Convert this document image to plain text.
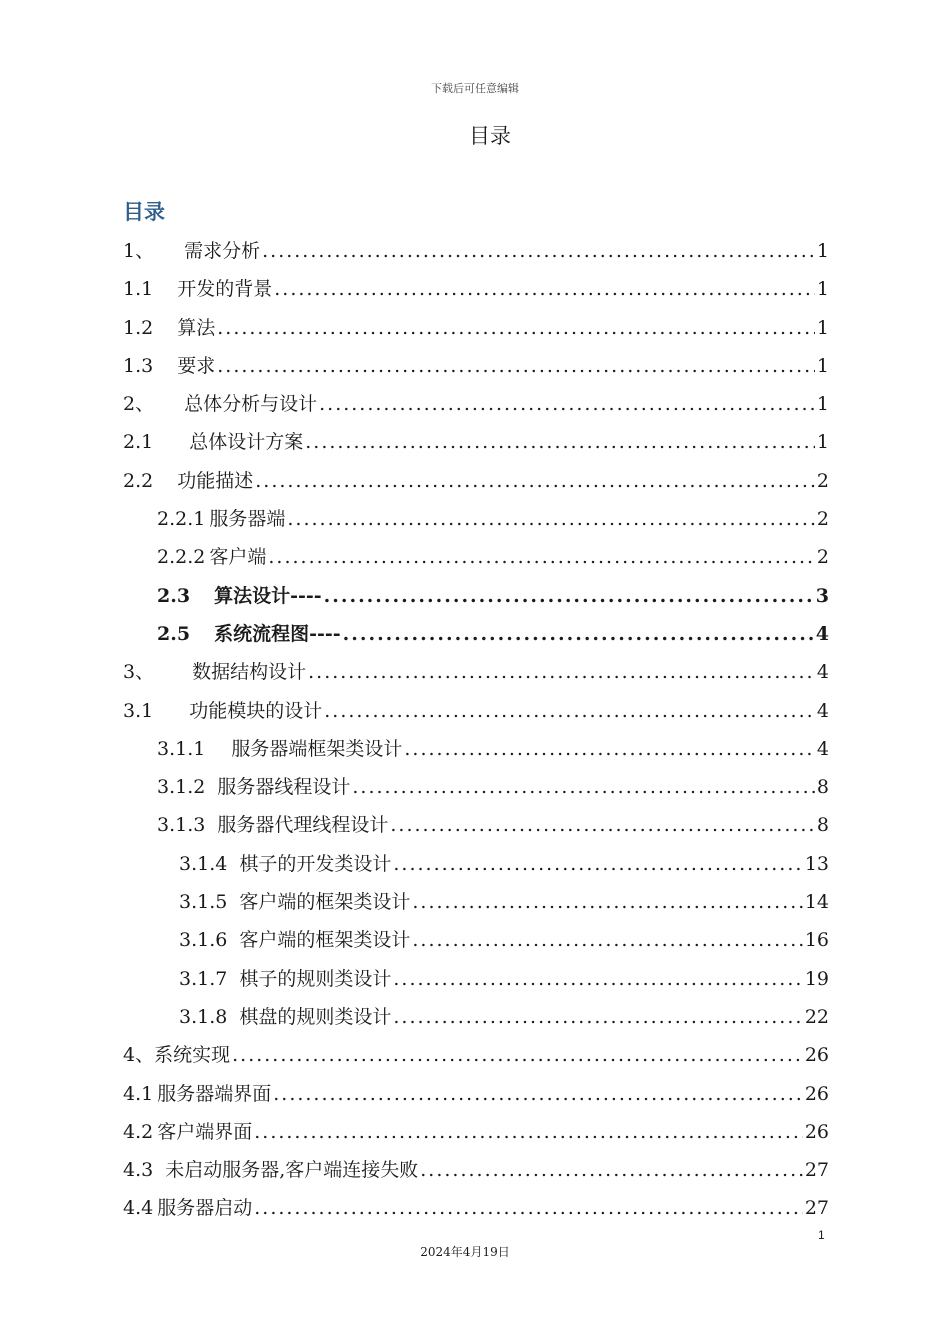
下载后可任意编辑
目录
目录
1、 需求分析 .....	1
1.1 开发的背景 .....	1
1.2 算法 .....	1
1.3 要求 .....	1
2、 总体分析与设计 .....	1
2.1 总体设计方案 .....	1
2.2 功能描述 .....	2
2.2.1 服务器端 .....	2
2.2.2 客户端 .....	2
2.3 算法设计---- .....	3
2.5 系统流程图---- .....	4
3、 数据结构设计 .....	4
3.1 功能模块的设计 .....	4
3.1.1 服务器端框架类设计 .....	4
3.1.2 服务器线程设计 .....	8
3.1.3 服务器代理线程设计 .....	8
3.1.4 棋子的开发类设计 .....	13
3.1.5 客户端的框架类设计 .....	14
3.1.6 客户端的框架类设计 .....	16
3.1.7 棋子的规则类设计 .....	19
3.1.8 棋盘的规则类设计 .....	22
4、 系统实现 .....	26
4.1 服务器端界面 .....	26
4.2 客户端界面 .....	26
4.3 未启动服务器,客户端连接失败 .....	27
4.4 服务器启动 .....	27
1
2024年4月19日
